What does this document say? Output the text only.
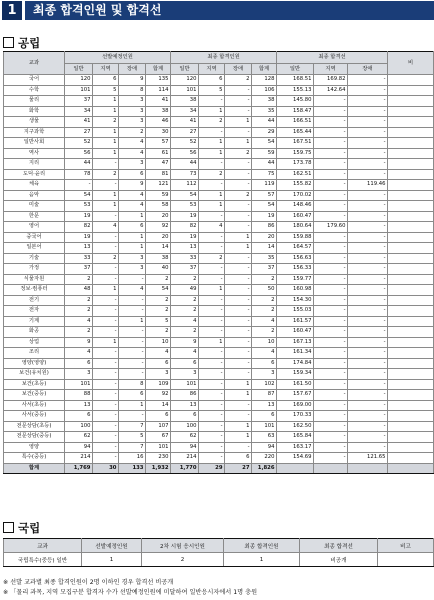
1	최종 합격인원 및 합격선
공립
교과	선발예정인원				최종 합격인원				최종 합격선			비
	일반	지역	장애	합계	일반	지역	장애	합계	일반	지역	장애	
국어	120	6	9	135	120	6	2	128	168.51	169.82	-	
수학	101	5	8	114	101	5	-	106	155.13	142.64	-	
물리	37	1	3	41	38	-	-	38	145.80	-	-	
화학	34	1	3	38	34	1	-	35	158.47	-	-	
생물	41	2	3	46	41	2	1	44	166.51	-	-	
지구과학	27	1	2	30	27	-	-	29	165.44	-	-	
일반사회	52	1	4	57	52	1	1	54	167.51	-	-	
역사	56	1	4	61	56	1	2	59	159.75	-	-	
지리	44	-	3	47	44	-	-	44	173.78	-	-	
도덕·윤리	78	2	6	81	73	2	-	75	162.51	-	-	
체육	-	-	9	121	112	-	-	119	155.82	-	119.46	
음악	54	1	4	59	54	1	2	57	170.02	-	-	
미술	53	1	4	58	53	1	-	54	148.46	-	-	
한문	19	-	1	20	19	-	-	19	160.47	-	-	
영어	82	4	6	92	82	4	-	86	180.64	179.60	-	
중국어	19	-	1	20	19	-	1	20	159.88	-	-	
일본어	13	-	1	14	13	-	1	14	164.57	-	-	
기술	33	2	3	38	33	2	-	35	156.63	-	-	
가정	37	-	3	40	37	-	-	37	156.33	-	-	
식물자원	2	-	-	2	2	-	-	2	159.77	-	-	
정보·컴퓨터	48	1	4	54	49	1	-	50	160.98	-	-	
전기	2	-	-	2	2	-	-	2	154.30	-	-	
전자	2	-	-	2	2	-	-	2	155.03	-	-	
기계	4	-	1	5	4	-	-	4	161.57	-	-	
화공	2	-	-	2	2	-	-	2	160.47	-	-	
상업	9	1	-	10	9	1	-	10	167.13	-	-	
조리	4	-	-	4	4	-	-	4	161.34	-	-	
영양(영양)	6	-	-	6	6	-	-	6	174.84	-	-	
보건(유치원)	3	-	-	3	3	-	-	3	159.34	-	-	
보건(초등)	101	-	8	109	101	-	1	102	161.50	-	-	
보건(중등)	88	-	6	92	86	-	1	87	157.67	-	-	
사서(초등)	13	-	1	14	13	-	-	13	169.00	-	-	
사서(중등)	6	-	-	6	6	-	-	6	170.33	-	-	
전문상담(초등)	100	-	7	107	100	-	1	101	162.50	-	-	
전문상담(중등)	62	-	5	67	62	-	1	63	165.84	-	-	
영양	94	-	7	101	94	-	-	94	163.17	-	-	
특수(중등)	214	-	16	230	214	-	6	220	154.69	-	121.65	
합계	1,769	30	133	1,932	1,770	29	27	1,826				
국립
교과	선발예정인원	2차 시험 응시인원	최종 합격인원	최종 합격선	비고
국립특수(중등) 일반	1	2	1	비공개	
※ 선발 교과별 최종 합격인원이 2명 이하인 경우 합격선 비공개
※ 「물리 과목, 지역 모집구분 합격자 수가 선발예정인원에 미달하여 일반응시자에서 1명 충원
